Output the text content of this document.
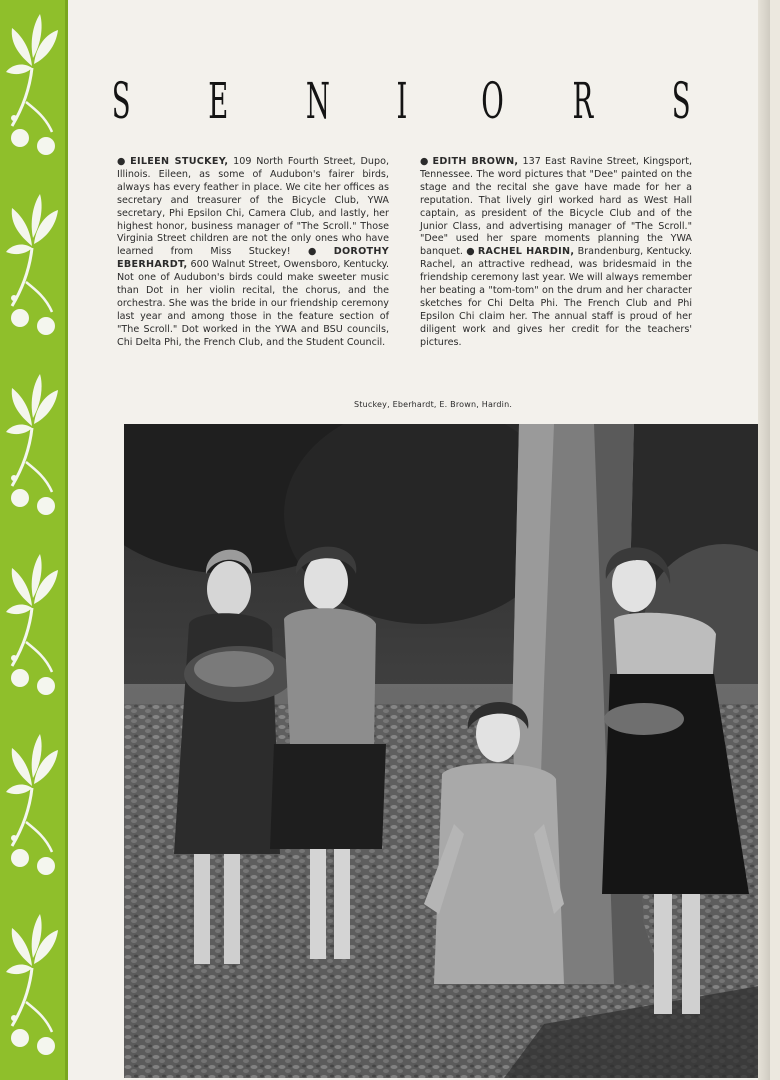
S E N I O R S

● EILEEN STUCKEY, 109 North Fourth Street, Dupo, Illinois. Eileen, as some of Audubon's fairer birds, always has every feather in place. We cite her offices as secretary and treasurer of the Bicycle Club, YWA secretary, Phi Epsilon Chi, Camera Club, and lastly, her highest honor, business manager of "The Scroll." Those Virginia Street children are not the only ones who have learned from Miss Stuckey! ● DOROTHY EBERHARDT, 600 Walnut Street, Owensboro, Kentucky. Not one of Audubon's birds could make sweeter music than Dot in her violin recital, the chorus, and the orchestra. She was the bride in our friendship ceremony last year and among those in the feature section of "The Scroll." Dot worked in the YWA and BSU councils, Chi Delta Phi, the French Club, and the Student Council.

● EDITH BROWN, 137 East Ravine Street, Kingsport, Tennessee. The word pictures that "Dee" painted on the stage and the recital she gave have made for her a reputation. That lively girl worked hard as West Hall captain, as president of the Bicycle Club and of the Junior Class, and advertising manager of "The Scroll." "Dee" used her spare moments planning the YWA banquet. ● RACHEL HARDIN, Brandenburg, Kentucky. Rachel, an attractive redhead, was bridesmaid in the friendship ceremony last year. We will always remember her beating a "tom-tom" on the drum and her character sketches for Chi Delta Phi. The French Club and Phi Epsilon Chi claim her. The annual staff is proud of her diligent work and gives her credit for the teachers' pictures.

Stuckey, Eberhardt, E. Brown, Hardin.
